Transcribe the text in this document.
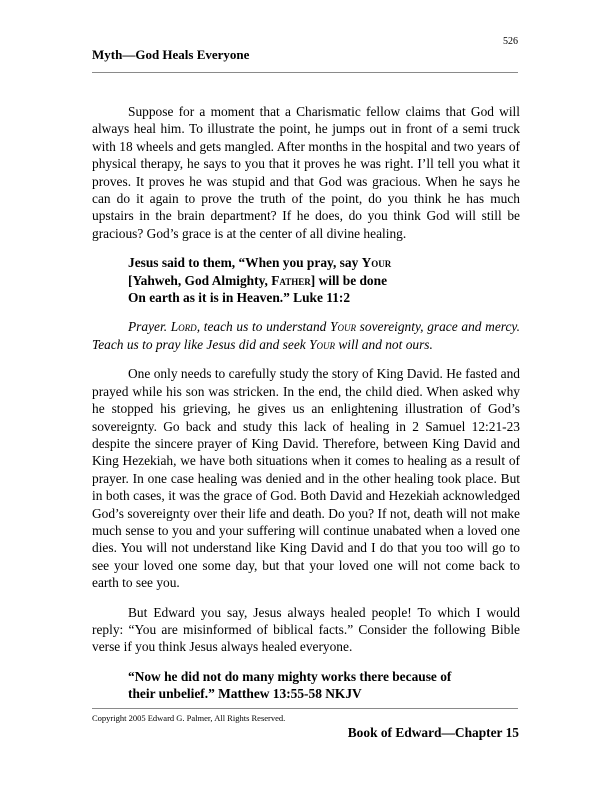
526
Myth—God Heals Everyone

Suppose for a moment that a Charismatic fellow claims that God will always heal him. To illustrate the point, he jumps out in front of a semi truck with 18 wheels and gets mangled. After months in the hospital and two years of physical therapy, he says to you that it proves he was right. I’ll tell you what it proves. It proves he was stupid and that God was gracious. When he says he can do it again to prove the truth of the point, do you think he has much upstairs in the brain department? If he does, do you think God will still be gracious? God’s grace is at the center of all divine healing.

Jesus said to them, “When you pray, say Your
[Yahweh, God Almighty, Father] will be done
On earth as it is in Heaven.” Luke 11:2

Prayer. Lord, teach us to understand Your sovereignty, grace and mercy. Teach us to pray like Jesus did and seek Your will and not ours.

One only needs to carefully study the story of King David. He fasted and prayed while his son was stricken. In the end, the child died. When asked why he stopped his grieving, he gives us an enlightening illustration of God’s sovereignty. Go back and study this lack of healing in 2 Samuel 12:21-23 despite the sincere prayer of King David. Therefore, between King David and King Hezekiah, we have both situations when it comes to healing as a result of prayer. In one case healing was denied and in the other healing took place. But in both cases, it was the grace of God. Both David and Hezekiah acknowledged God’s sovereignty over their life and death. Do you? If not, death will not make much sense to you and your suffering will continue unabated when a loved one dies. You will not understand like King David and I do that you too will go to see your loved one some day, but that your loved one will not come back to earth to see you.

But Edward you say, Jesus always healed people! To which I would reply: “You are misinformed of biblical facts.” Consider the following Bible verse if you think Jesus always healed everyone.

“Now he did not do many mighty works there because of
their unbelief.” Matthew 13:55-58 NKJV
Copyright 2005 Edward G. Palmer, All Rights Reserved.
Book of Edward—Chapter 15
